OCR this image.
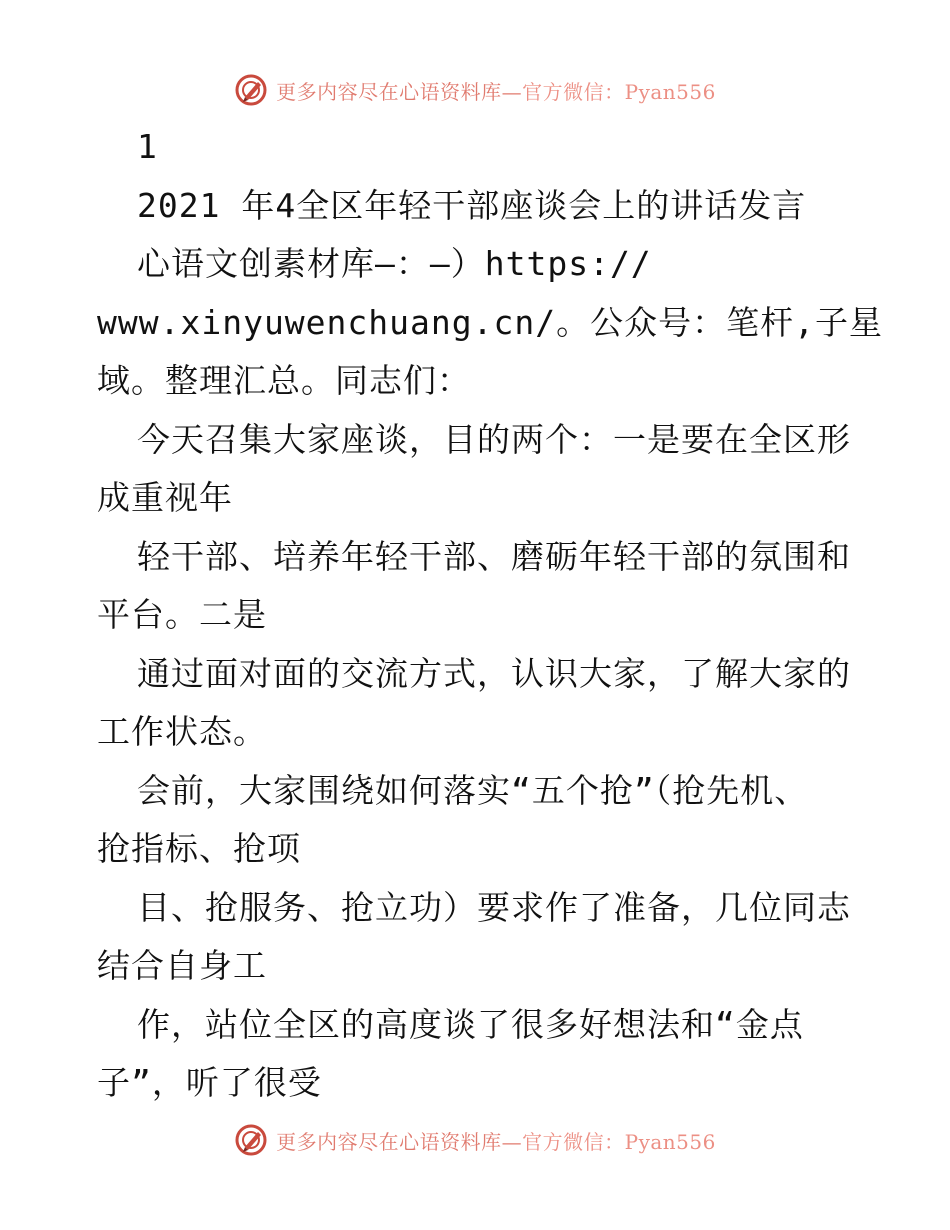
更多内容尽在心语资料库—官方微信：Pyan556
1
2021 年4全区年轻干部座谈会上的讲话发言
心语文创素材库—：—）https://
www.xinyuwenchuang.cn/。公众号：笔杆,子星
域。整理汇总。同志们：
今天召集大家座谈，目的两个：一是要在全区形
成重视年
轻干部、培养年轻干部、磨砺年轻干部的氛围和
平台。二是
通过面对面的交流方式，认识大家，了解大家的
工作状态。
会前，大家围绕如何落实“五个抢”（抢先机、
抢指标、抢项
目、抢服务、抢立功）要求作了准备，几位同志
结合自身工
作，站位全区的高度谈了很多好想法和“金点
子”，听了很受
更多内容尽在心语资料库—官方微信：Pyan556
